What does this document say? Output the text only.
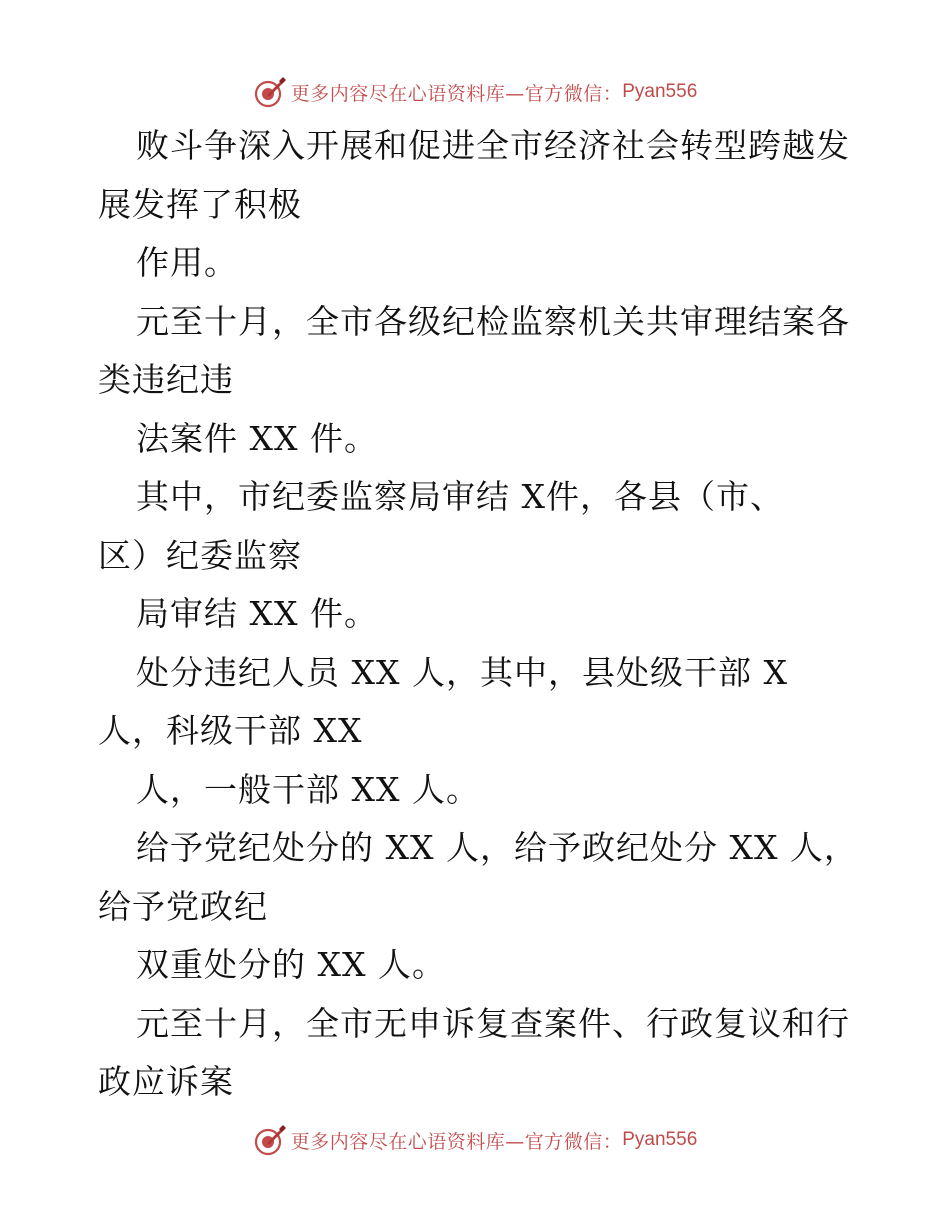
更多内容尽在心语资料库—官方微信： Pyan556
败斗争深入开展和促进全市经济社会转型跨越发
展发挥了积极
作用。
元至十月，全市各级纪检监察机关共审理结案各
类违纪违
法案件 XX 件。
其中，市纪委监察局审结 X件，各县（市、
区）纪委监察
局审结 XX 件。
处分违纪人员 XX 人，其中，县处级干部 X
人，科级干部 XX
人，一般干部 XX 人。
给予党纪处分的 XX 人，给予政纪处分 XX 人，
给予党政纪
双重处分的 XX 人。
元至十月，全市无申诉复查案件、行政复议和行
政应诉案
更多内容尽在心语资料库—官方微信： Pyan556
